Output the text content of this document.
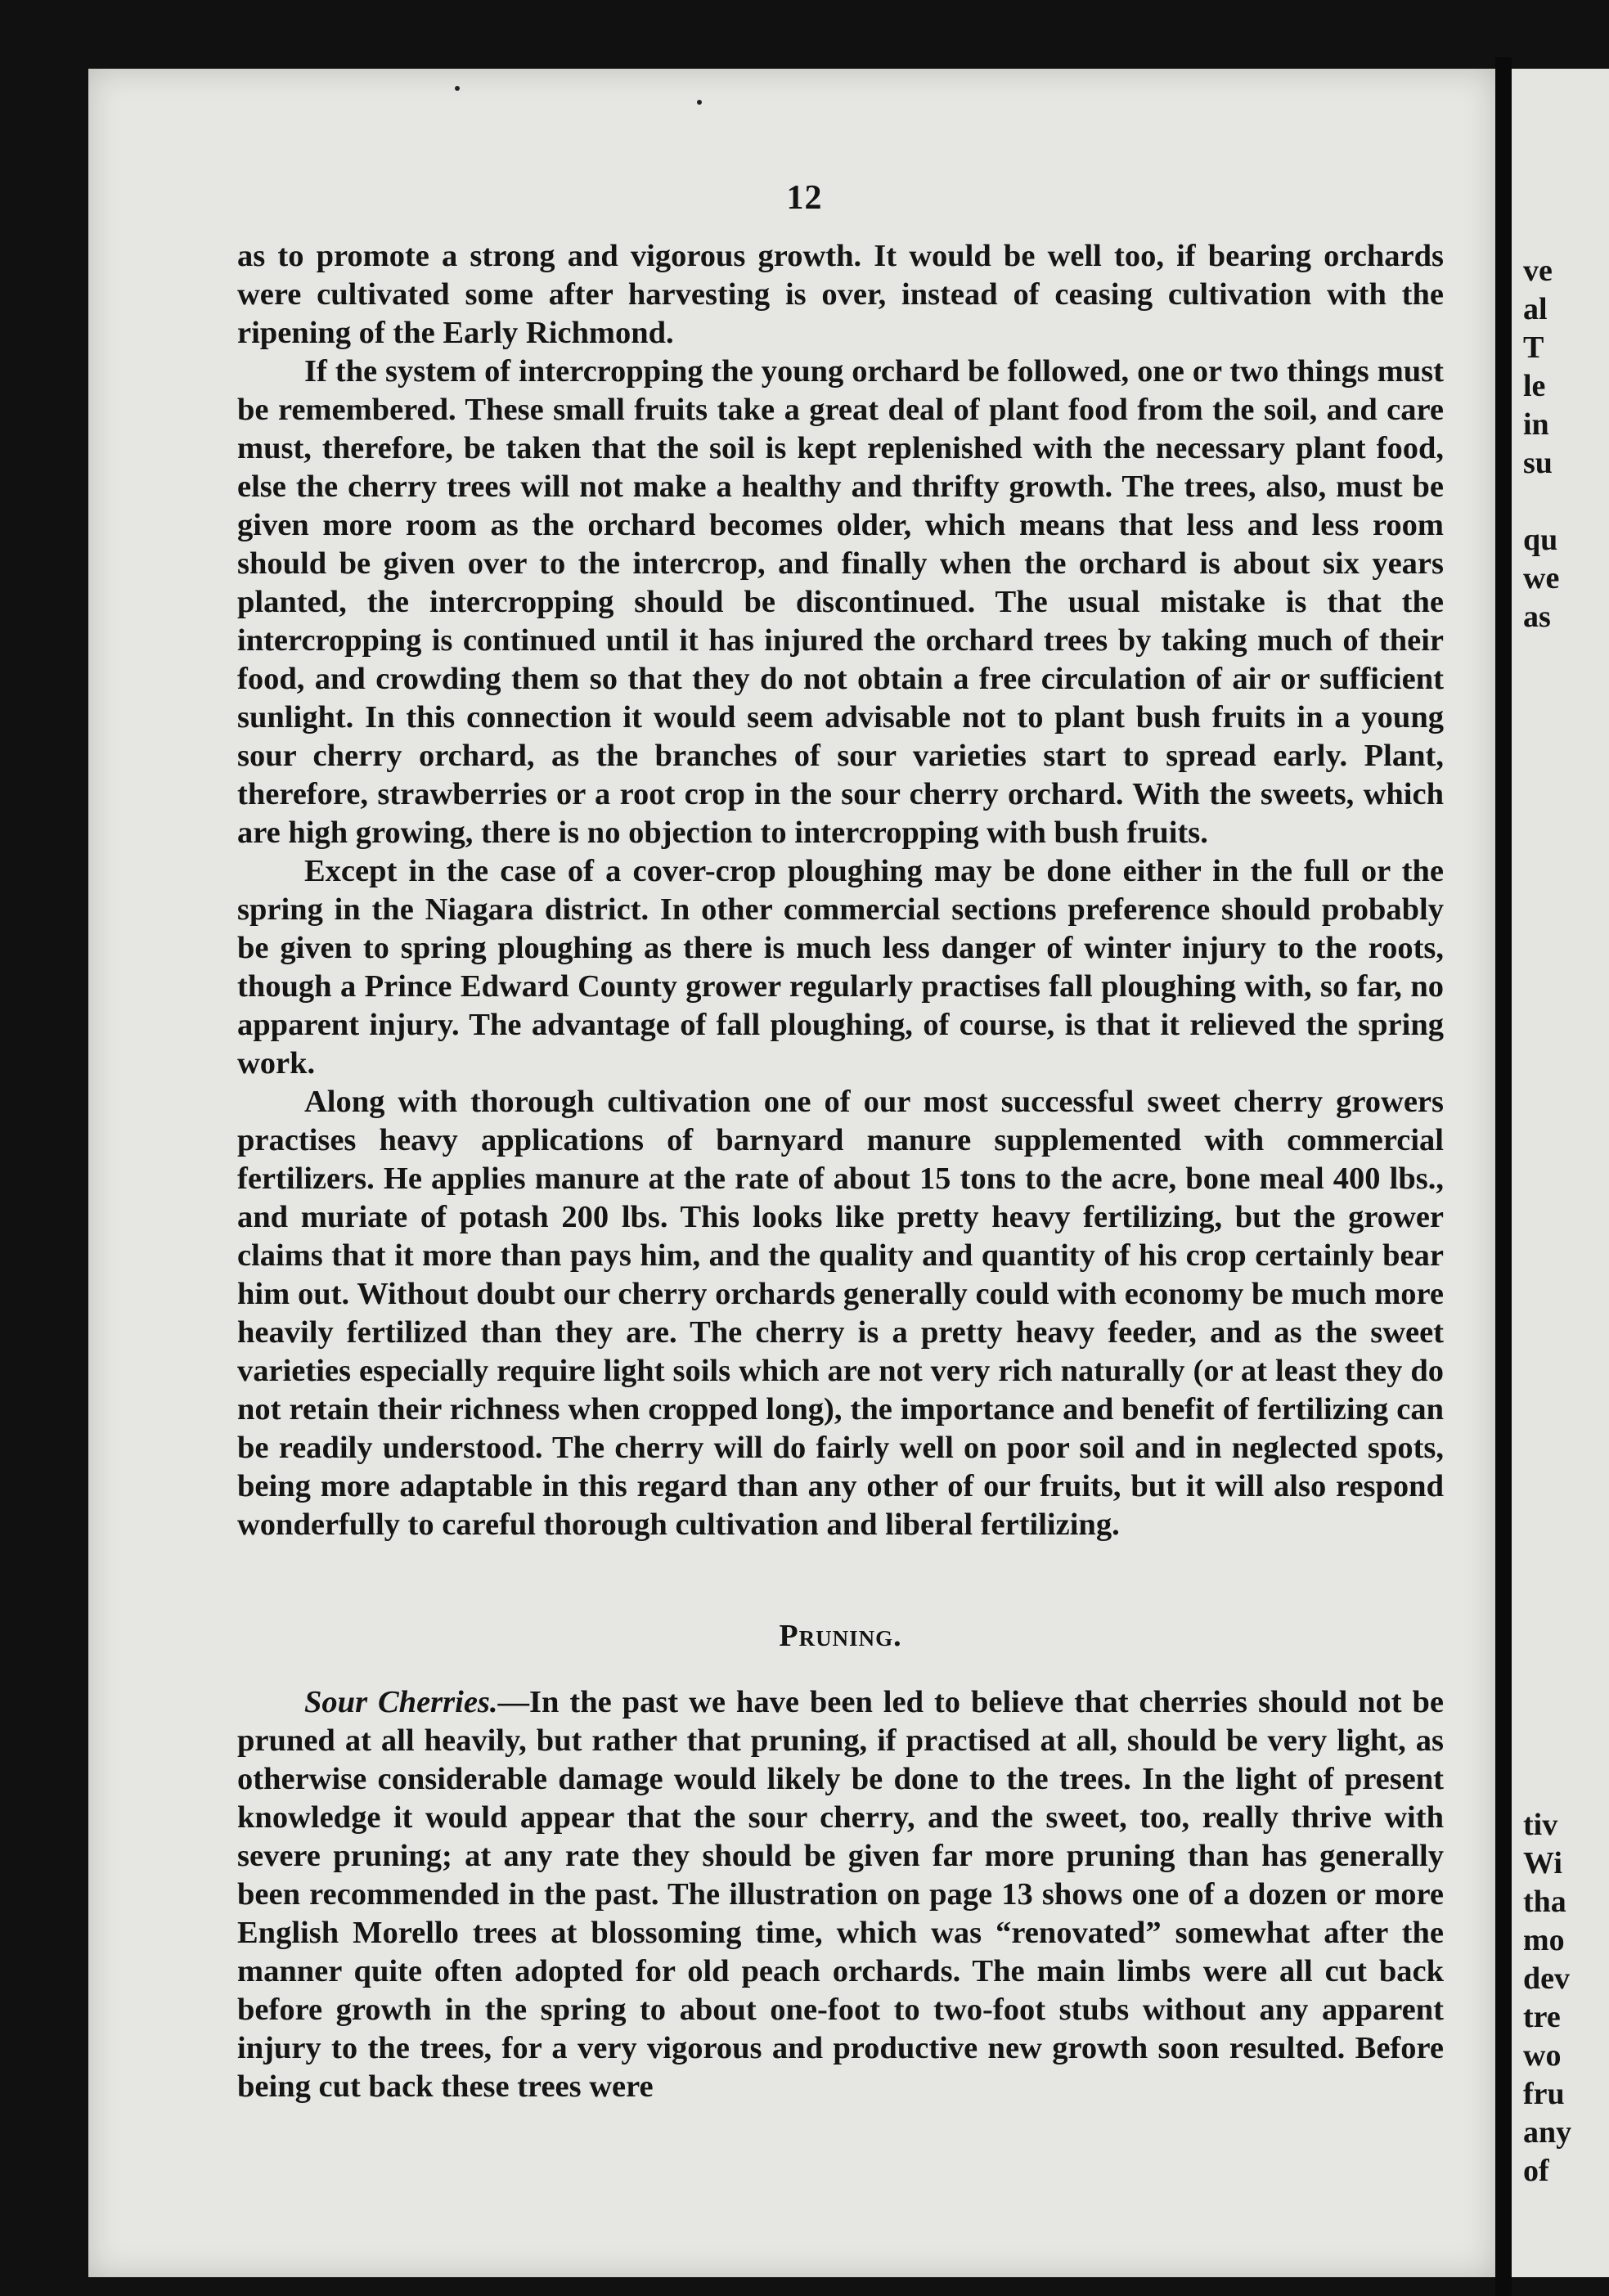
ve
al
T
le
in
su
qu
we
as
tiv
Wi
tha
mo
dev
tre
wo
fru
any
of
12

as to promote a strong and vigorous growth. It would be well too, if bearing orchards were cultivated some after harvesting is over, instead of ceasing cultivation with the ripening of the Early Richmond.

If the system of intercropping the young orchard be followed, one or two things must be remembered. These small fruits take a great deal of plant food from the soil, and care must, therefore, be taken that the soil is kept replenished with the necessary plant food, else the cherry trees will not make a healthy and thrifty growth. The trees, also, must be given more room as the orchard becomes older, which means that less and less room should be given over to the intercrop, and finally when the orchard is about six years planted, the intercropping should be discontinued. The usual mistake is that the intercropping is continued until it has injured the orchard trees by taking much of their food, and crowding them so that they do not obtain a free circulation of air or sufficient sunlight. In this connection it would seem advisable not to plant bush fruits in a young sour cherry orchard, as the branches of sour varieties start to spread early. Plant, therefore, strawberries or a root crop in the sour cherry orchard. With the sweets, which are high growing, there is no objection to intercropping with bush fruits.

Except in the case of a cover-crop ploughing may be done either in the full or the spring in the Niagara district. In other commercial sections preference should probably be given to spring ploughing as there is much less danger of winter injury to the roots, though a Prince Edward County grower regularly practises fall ploughing with, so far, no apparent injury. The advantage of fall ploughing, of course, is that it relieved the spring work.

Along with thorough cultivation one of our most successful sweet cherry growers practises heavy applications of barnyard manure supplemented with commercial fertilizers. He applies manure at the rate of about 15 tons to the acre, bone meal 400 lbs., and muriate of potash 200 lbs. This looks like pretty heavy fertilizing, but the grower claims that it more than pays him, and the quality and quantity of his crop certainly bear him out. Without doubt our cherry orchards generally could with economy be much more heavily fertilized than they are. The cherry is a pretty heavy feeder, and as the sweet varieties especially require light soils which are not very rich naturally (or at least they do not retain their richness when cropped long), the importance and benefit of fertilizing can be readily understood. The cherry will do fairly well on poor soil and in neglected spots, being more adaptable in this regard than any other of our fruits, but it will also respond wonderfully to careful thorough cultivation and liberal fertilizing.

Pruning.

Sour Cherries.—In the past we have been led to believe that cherries should not be pruned at all heavily, but rather that pruning, if practised at all, should be very light, as otherwise considerable damage would likely be done to the trees. In the light of present knowledge it would appear that the sour cherry, and the sweet, too, really thrive with severe pruning; at any rate they should be given far more pruning than has generally been recommended in the past. The illustration on page 13 shows one of a dozen or more English Morello trees at blossoming time, which was “renovated” somewhat after the manner quite often adopted for old peach orchards. The main limbs were all cut back before growth in the spring to about one-foot to two-foot stubs without any apparent injury to the trees, for a very vigorous and productive new growth soon resulted. Before being cut back these trees were
